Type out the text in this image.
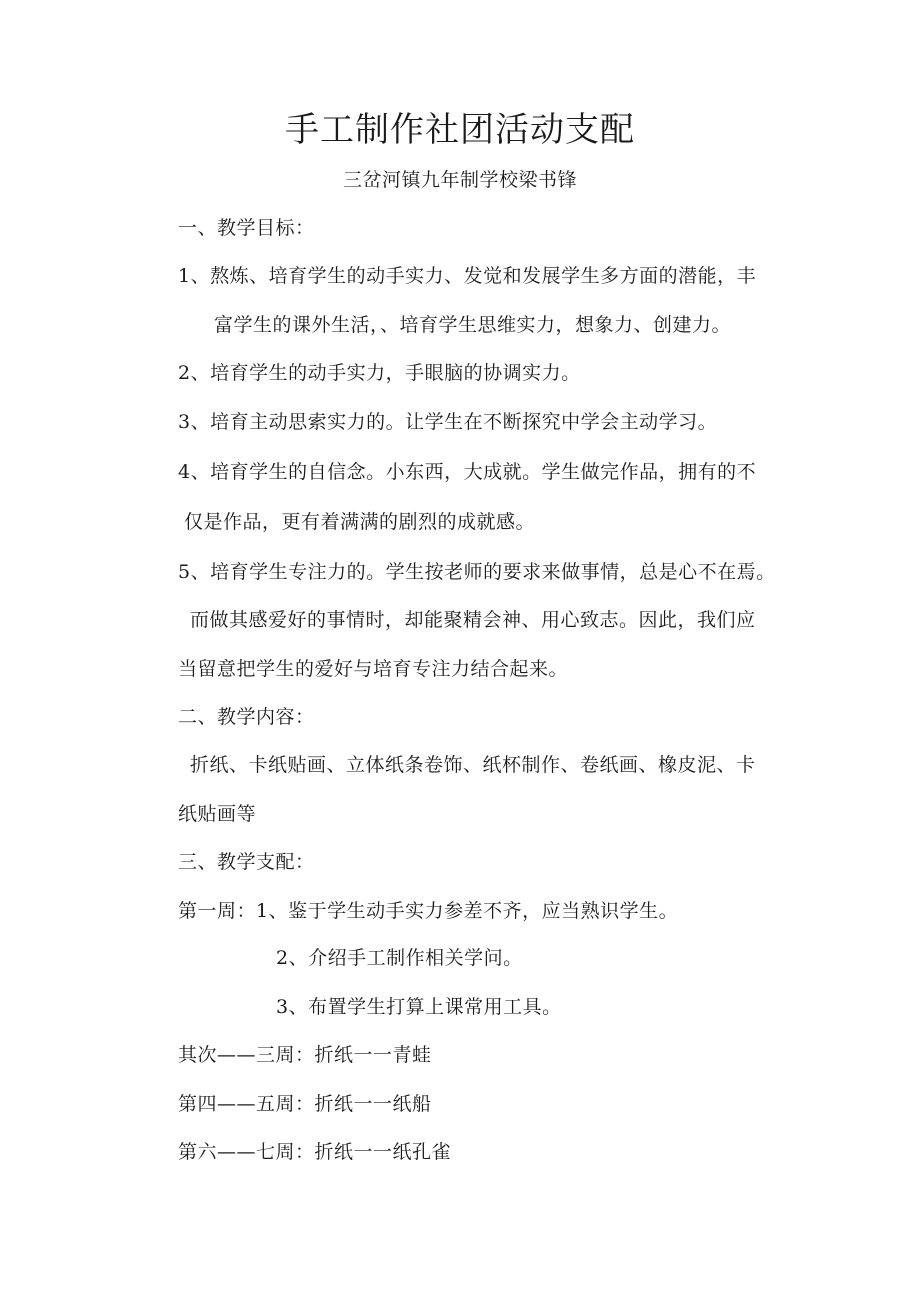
手工制作社团活动支配
三岔河镇九年制学校梁书锋
一、教学目标：
1、熬炼、培育学生的动手实力、发觉和发展学生多方面的潜能，丰
富学生的课外生活，、培育学生思维实力，想象力、创建力。
2、培育学生的动手实力，手眼脑的协调实力。
3、培育主动思索实力的。让学生在不断探究中学会主动学习。
4、培育学生的自信念。小东西，大成就。学生做完作品，拥有的不
仅是作品，更有着满满的剧烈的成就感。
5、培育学生专注力的。学生按老师的要求来做事情，总是心不在焉。
而做其感爱好的事情时，却能聚精会神、用心致志。因此，我们应
当留意把学生的爱好与培育专注力结合起来。
二、教学内容：
折纸、卡纸贴画、立体纸条卷饰、纸杯制作、卷纸画、橡皮泥、卡
纸贴画等
三、教学支配：
第一周：1、鉴于学生动手实力参差不齐，应当熟识学生。
2、介绍手工制作相关学问。
3、布置学生打算上课常用工具。
其次——三周：折纸一一青蛙
第四——五周：折纸一一纸船
第六——七周：折纸一一纸孔雀
